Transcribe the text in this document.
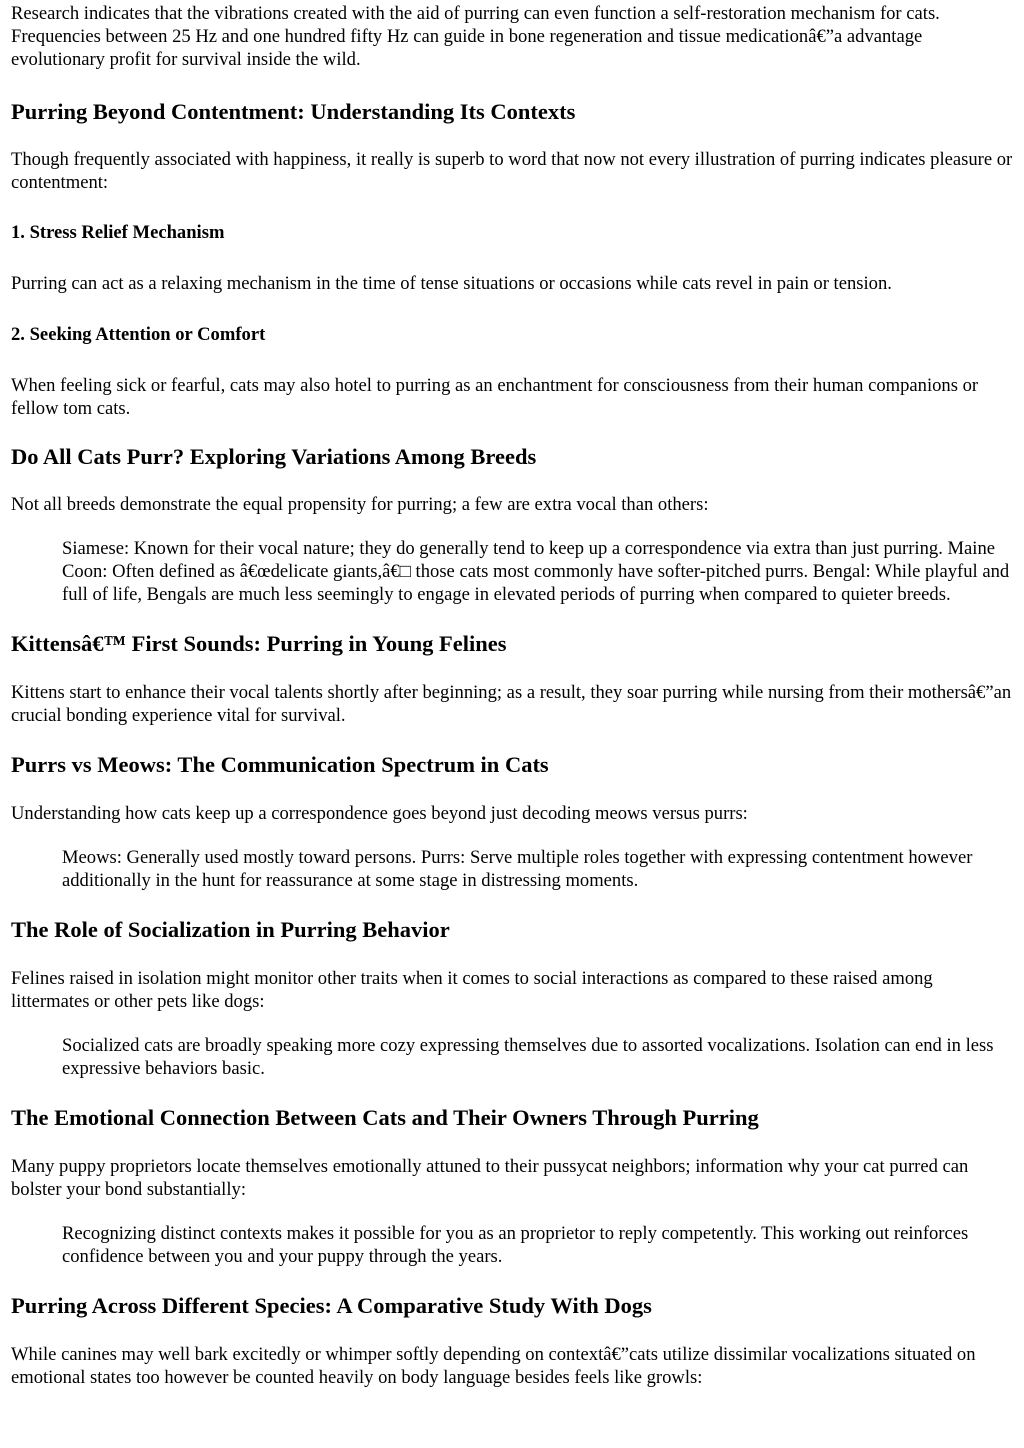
Research indicates that the vibrations created with the aid of purring can even function a self-restoration mechanism for cats. Frequencies between 25 Hz and one hundred fifty Hz can guide in bone regeneration and tissue medicationâ€”a advantage evolutionary profit for survival inside the wild.

Purring Beyond Contentment: Understanding Its Contexts

Though frequently associated with happiness, it really is superb to word that now not every illustration of purring indicates pleasure or contentment:

1. Stress Relief Mechanism

Purring can act as a relaxing mechanism in the time of tense situations or occasions while cats revel in pain or tension.

2. Seeking Attention or Comfort

When feeling sick or fearful, cats may also hotel to purring as an enchantment for consciousness from their human companions or fellow tom cats.

Do All Cats Purr? Exploring Variations Among Breeds

Not all breeds demonstrate the equal propensity for purring; a few are extra vocal than others:

Siamese: Known for their vocal nature; they do generally tend to keep up a correspondence via extra than just purring. Maine Coon: Often defined as â€œdelicate giants,â€□ those cats most commonly have softer-pitched purrs. Bengal: While playful and full of life, Bengals are much less seemingly to engage in elevated periods of purring when compared to quieter breeds.
Kittensâ€™ First Sounds: Purring in Young Felines

Kittens start to enhance their vocal talents shortly after beginning; as a result, they soar purring while nursing from their mothersâ€”an crucial bonding experience vital for survival.

Purrs vs Meows: The Communication Spectrum in Cats

Understanding how cats keep up a correspondence goes beyond just decoding meows versus purrs:

Meows: Generally used mostly toward persons. Purrs: Serve multiple roles together with expressing contentment however additionally in the hunt for reassurance at some stage in distressing moments.
The Role of Socialization in Purring Behavior

Felines raised in isolation might monitor other traits when it comes to social interactions as compared to these raised among littermates or other pets like dogs:

Socialized cats are broadly speaking more cozy expressing themselves due to assorted vocalizations. Isolation can end in less expressive behaviors basic.
The Emotional Connection Between Cats and Their Owners Through Purring

Many puppy proprietors locate themselves emotionally attuned to their pussycat neighbors; information why your cat purred can bolster your bond substantially:

Recognizing distinct contexts makes it possible for you as an proprietor to reply competently. This working out reinforces confidence between you and your puppy through the years.
Purring Across Different Species: A Comparative Study With Dogs

While canines may well bark excitedly or whimper softly depending on contextâ€”cats utilize dissimilar vocalizations situated on emotional states too however be counted heavily on body language besides feels like growls:
